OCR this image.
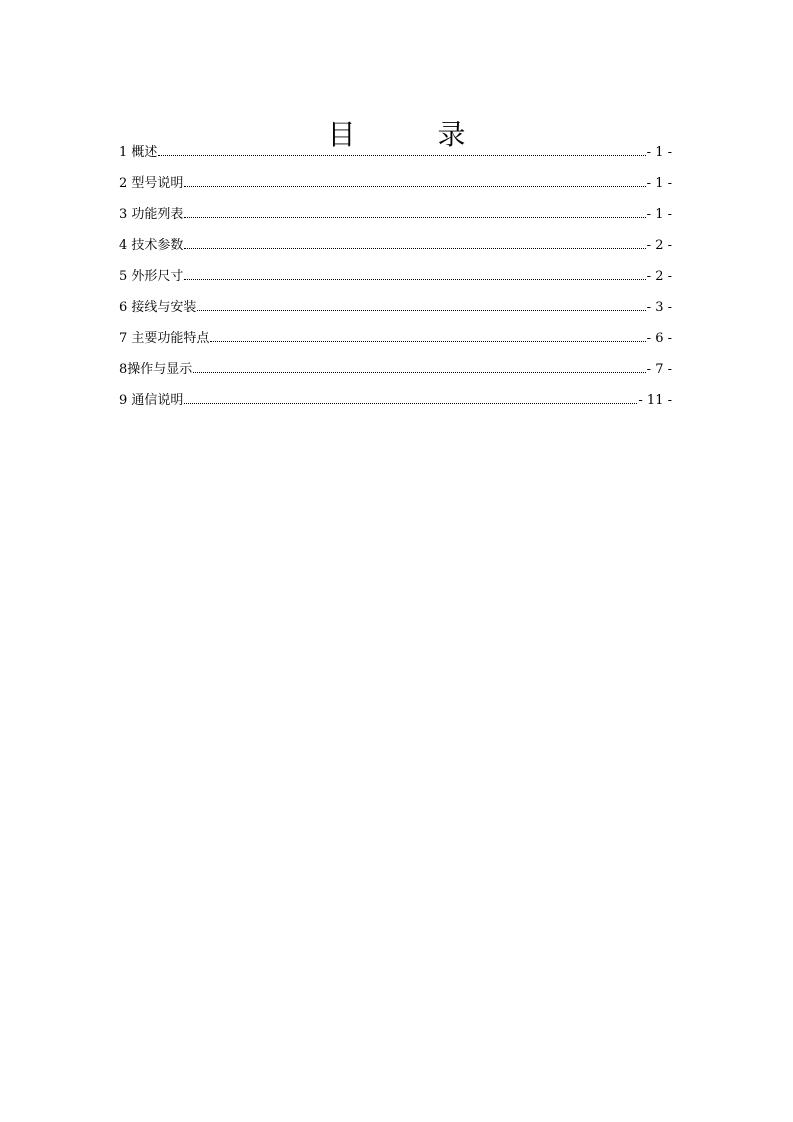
目	录
1 概述	- 1 -
2 型号说明	- 1 -
3 功能列表	- 1 -
4 技术参数	- 2 -
5 外形尺寸	- 2 -
6 接线与安装	- 3 -
7 主要功能特点	- 6 -
8 操作与显示	- 7 -
9 通信说明	- 11 -
